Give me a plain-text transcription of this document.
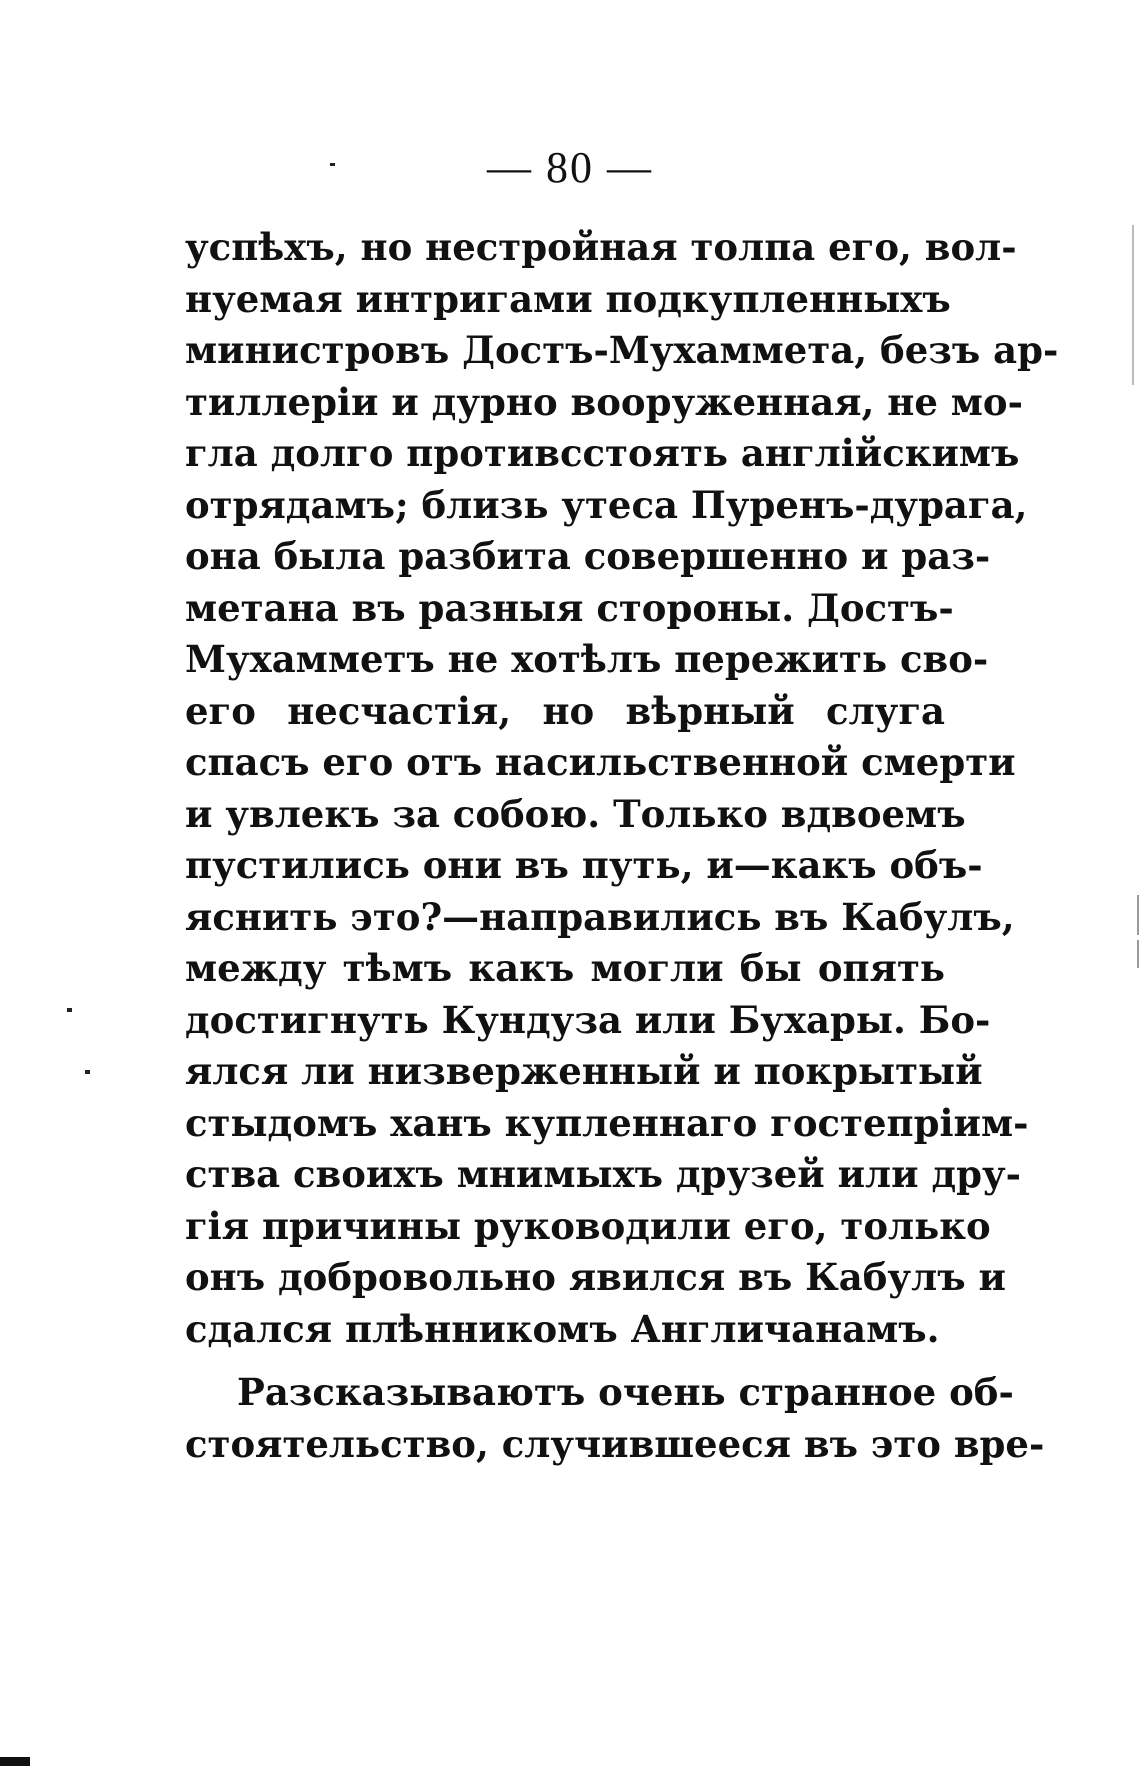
— 80 —
успѣхъ, но нестройная толпа его, вол-
нуемая интригами подкупленныхъ
министровъ Достъ-Мухаммета, безъ ар-
тиллеріи и дурно вооруженная, не мо-
гла долго противсстоять англійскимъ
отрядамъ; близь утеса Пуренъ-дурага,
она была разбита совершенно и раз-
метана въ разныя стороны. Достъ-
Мухамметъ не хотѣлъ пережить сво-
его несчастія, но вѣрный слуга
спасъ его отъ насильственной смерти
и увлекъ за собою. Только вдвоемъ
пустились они въ путь, и—какъ объ-
яснить это?—направились въ Кабулъ,
между тѣмъ какъ могли бы опять
достигнуть Кундуза или Бухары. Бо-
ялся ли низверженный и покрытый
стыдомъ ханъ купленнаго гостепріим-
ства своихъ мнимыхъ друзей или дру-
гія причины руководили его, только
онъ добровольно явился въ Кабулъ и
сдался плѣнникомъ Англичанамъ.
Разсказываютъ очень странное об-
стоятельство, случившееся въ это вре-
